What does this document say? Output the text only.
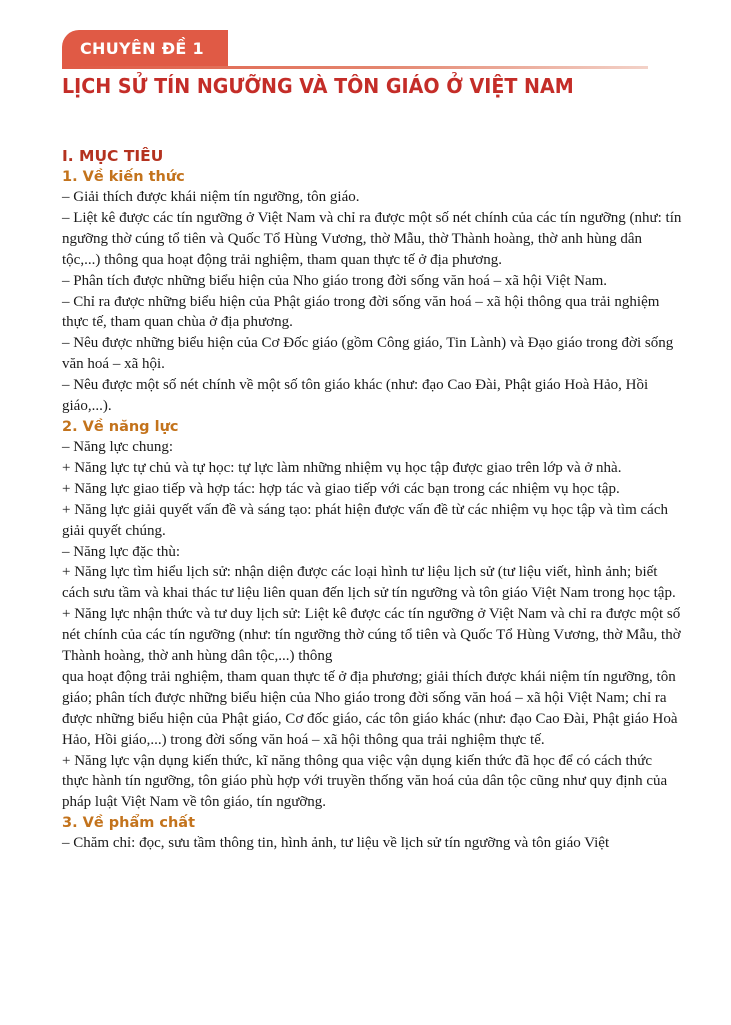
CHUYÊN ĐỀ 1
LỊCH SỬ TÍN NGƯỠNG VÀ TÔN GIÁO Ở VIỆT NAM
I. MỤC TIÊU
1. Về kiến thức

– Giải thích được khái niệm tín ngưỡng, tôn giáo.

– Liệt kê được các tín ngưỡng ở Việt Nam và chỉ ra được một số nét chính của các tín ngưỡng (như: tín ngưỡng thờ cúng tổ tiên và Quốc Tổ Hùng Vương, thờ Mẫu, thờ Thành hoàng, thờ anh hùng dân tộc,...) thông qua hoạt động trải nghiệm, tham quan thực tế ở địa phương.

– Phân tích được những biểu hiện của Nho giáo trong đời sống văn hoá – xã hội Việt Nam.

– Chỉ ra được những biểu hiện của Phật giáo trong đời sống văn hoá – xã hội thông qua trải nghiệm thực tế, tham quan chùa ở địa phương.

– Nêu được những biểu hiện của Cơ Đốc giáo (gồm Công giáo, Tin Lành) và Đạo giáo trong đời sống văn hoá – xã hội.

– Nêu được một số nét chính về một số tôn giáo khác (như: đạo Cao Đài, Phật giáo Hoà Hảo, Hồi giáo,...).

2. Về năng lực

– Năng lực chung:

+ Năng lực tự chủ và tự học: tự lực làm những nhiệm vụ học tập được giao trên lớp và ở nhà.

+ Năng lực giao tiếp và hợp tác: hợp tác và giao tiếp với các bạn trong các nhiệm vụ học tập.

+ Năng lực giải quyết vấn đề và sáng tạo: phát hiện được vấn đề từ các nhiệm vụ học tập và tìm cách giải quyết chúng.

– Năng lực đặc thù:

+ Năng lực tìm hiểu lịch sử: nhận diện được các loại hình tư liệu lịch sử (tư liệu viết, hình ảnh; biết cách sưu tầm và khai thác tư liệu liên quan đến lịch sử tín ngưỡng và tôn giáo Việt Nam trong học tập.

+ Năng lực nhận thức và tư duy lịch sử: Liệt kê được các tín ngưỡng ở Việt Nam và chỉ ra được một số nét chính của các tín ngưỡng (như: tín ngưỡng thờ cúng tổ tiên và Quốc Tổ Hùng Vương, thờ Mẫu, thờ Thành hoàng, thờ anh hùng dân tộc,...) thông

qua hoạt động trải nghiệm, tham quan thực tế ở địa phương; giải thích được khái niệm tín ngưỡng, tôn giáo; phân tích được những biểu hiện của Nho giáo trong đời sống văn hoá – xã hội Việt Nam; chỉ ra được những biểu hiện của Phật giáo, Cơ đốc giáo, các tôn giáo khác (như: đạo Cao Đài, Phật giáo Hoà Hảo, Hồi giáo,...) trong đời sống văn hoá – xã hội thông qua trải nghiệm thực tế.

+ Năng lực vận dụng kiến thức, kĩ năng thông qua việc vận dụng kiến thức đã học để có cách thức thực hành tín ngưỡng, tôn giáo phù hợp với truyền thống văn hoá của dân tộc cũng như quy định của pháp luật Việt Nam về tôn giáo, tín ngưỡng.

3. Về phẩm chất

– Chăm chỉ: đọc, sưu tầm thông tin, hình ảnh, tư liệu về lịch sử tín ngưỡng và tôn giáo Việt
